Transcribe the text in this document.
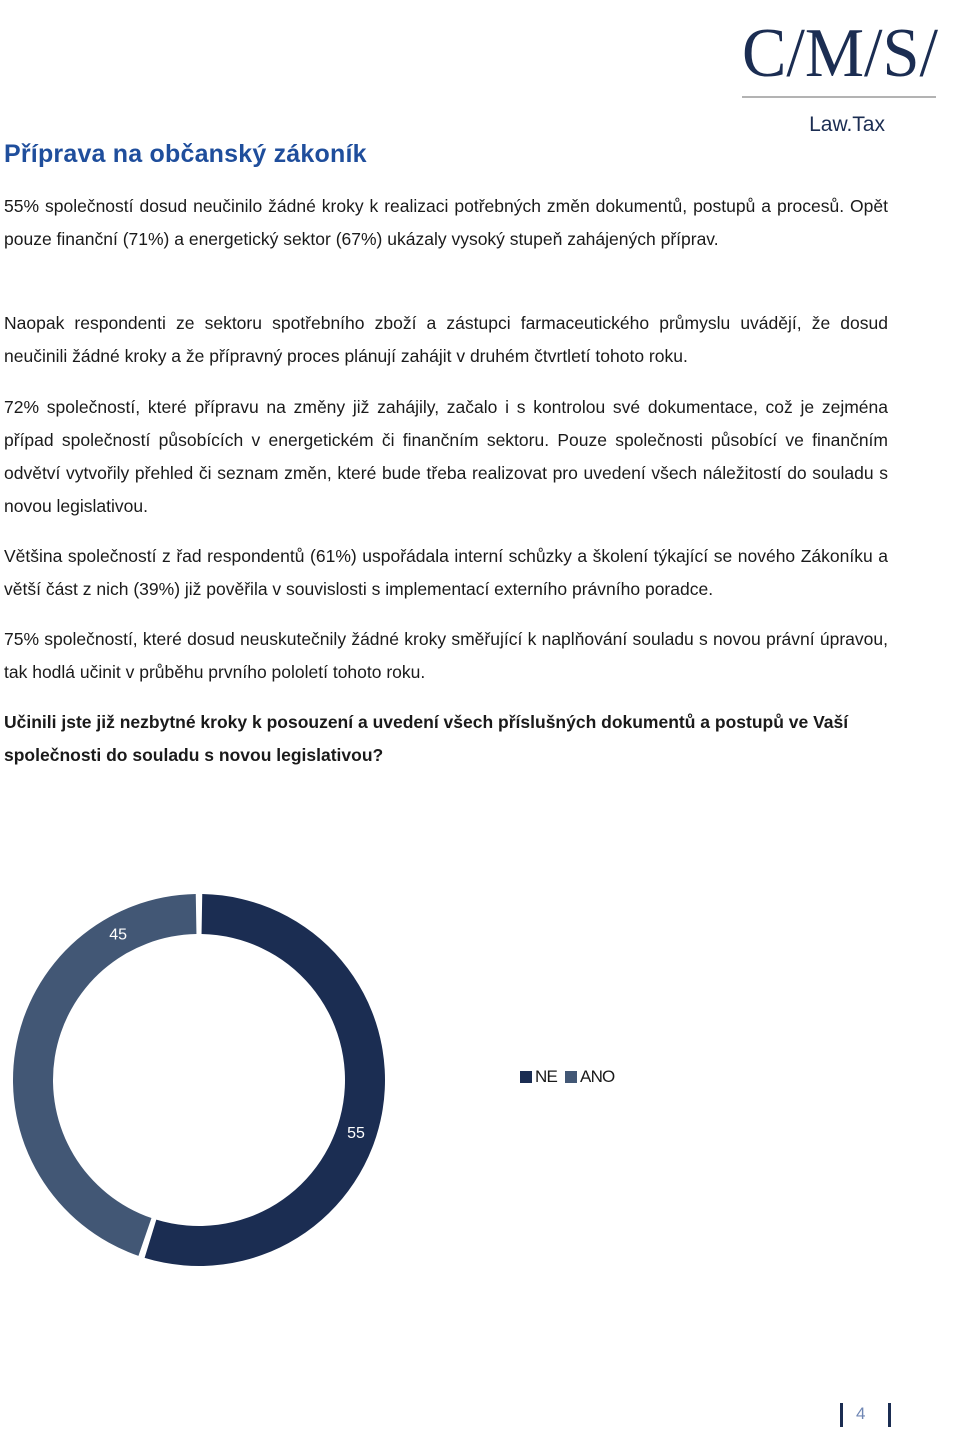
C/M/S/
Law.Tax
Příprava na občanský zákoník

55% společností dosud neučinilo žádné kroky k realizaci potřebných změn dokumentů, postupů a procesů. Opět pouze finanční (71%) a energetický sektor (67%) ukázaly vysoký stupeň zahájených příprav.

Naopak respondenti ze sektoru spotřebního zboží a zástupci farmaceutického průmyslu uvádějí, že dosud neučinili žádné kroky a že přípravný proces plánují zahájit v druhém čtvrtletí tohoto roku.

72% společností, které přípravu na změny již zahájily, začalo i s kontrolou své dokumentace, což je zejména případ společností působících v energetickém či finančním sektoru. Pouze společnosti působící ve finančním odvětví vytvořily přehled či seznam změn, které bude třeba realizovat pro uvedení všech náležitostí do souladu s novou legislativou.

Většina společností z řad respondentů (61%) uspořádala interní schůzky a školení týkající se nového Zákoníku a větší část z nich (39%) již pověřila v souvislosti s implementací externího právního poradce.

75% společností, které dosud neuskutečnily žádné kroky směřující k naplňování souladu s novou právní úpravou, tak hodlá učinit v průběhu prvního pololetí tohoto roku.

Učinili jste již nezbytné kroky k posouzení a uvedení všech příslušných dokumentů a postupů ve Vaší společnosti do souladu s novou legislativou?

55
45
NE ANO
4
